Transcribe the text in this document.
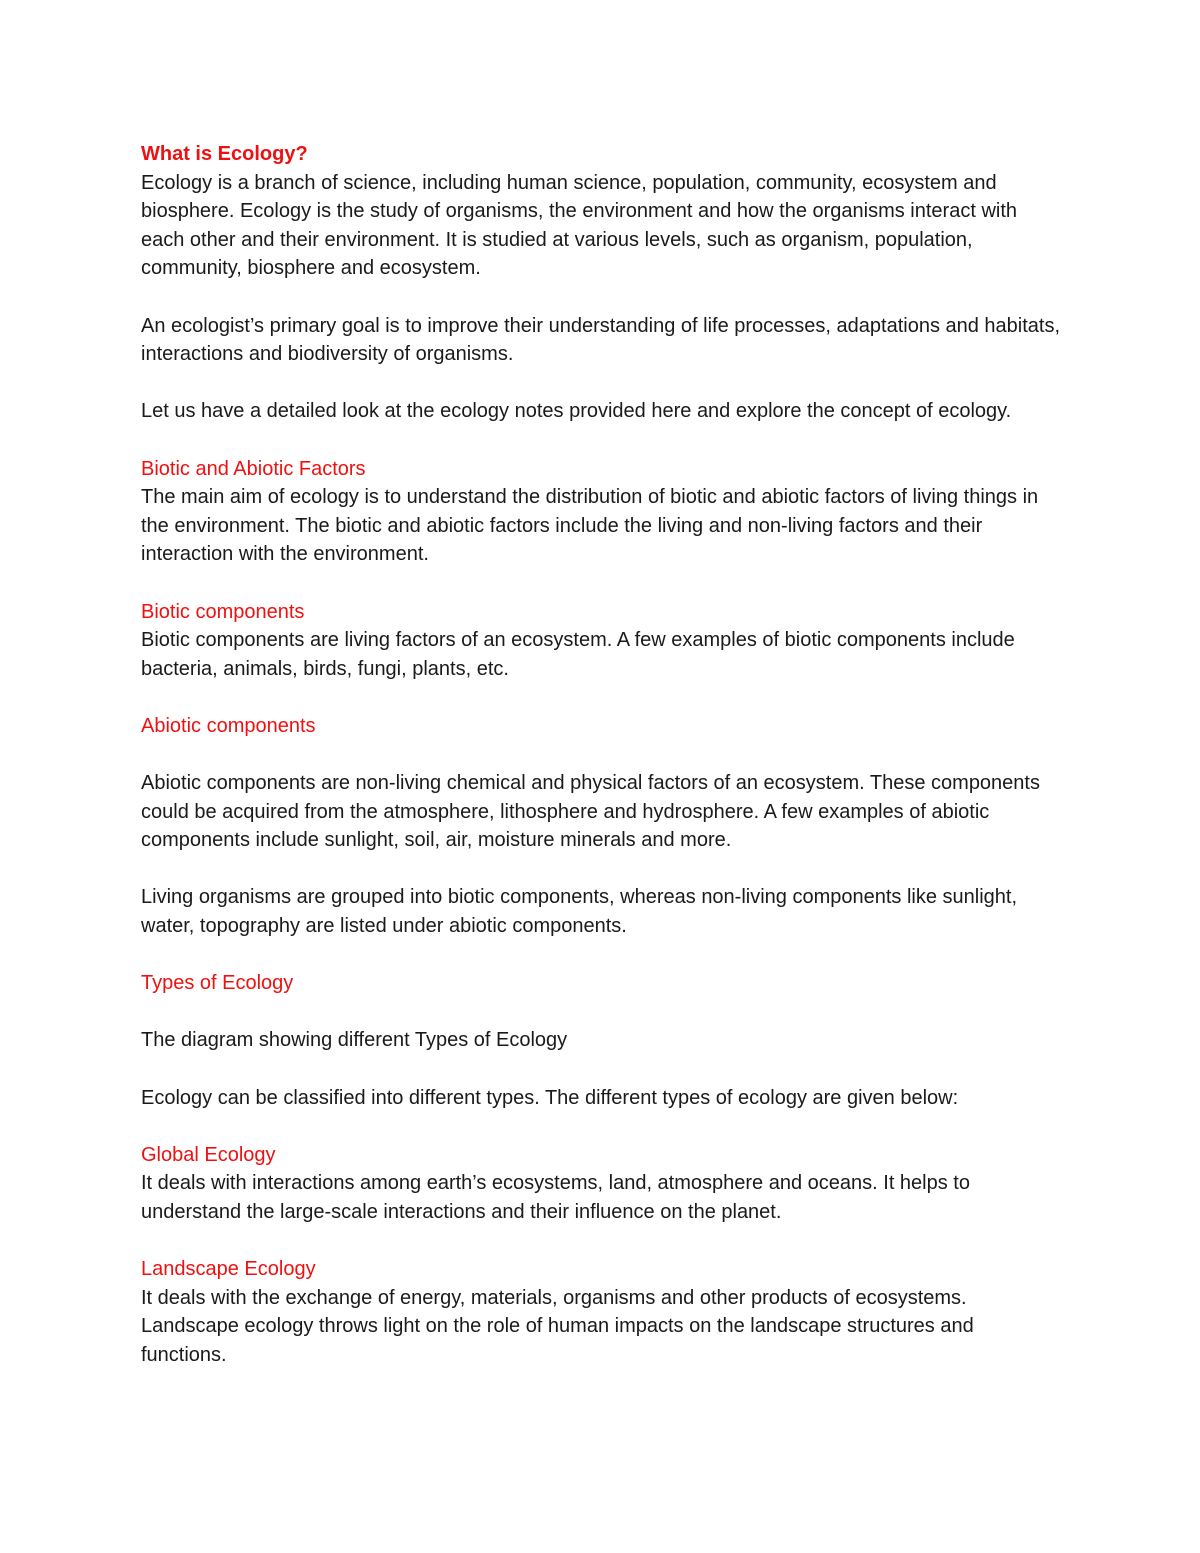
What is Ecology?

Ecology is a branch of science, including human science, population, community, ecosystem and biosphere. Ecology is the study of organisms, the environment and how the organisms interact with each other and their environment. It is studied at various levels, such as organism, population, community, biosphere and ecosystem.

An ecologist’s primary goal is to improve their understanding of life processes, adaptations and habitats, interactions and biodiversity of organisms.

Let us have a detailed look at the ecology notes provided here and explore the concept of ecology.

Biotic and Abiotic Factors

The main aim of ecology is to understand the distribution of biotic and abiotic factors of living things in the environment. The biotic and abiotic factors include the living and non-living factors and their interaction with the environment.

Biotic components

Biotic components are living factors of an ecosystem. A few examples of biotic components include bacteria, animals, birds, fungi, plants, etc.

Abiotic components

Abiotic components are non-living chemical and physical factors of an ecosystem. These components could be acquired from the atmosphere, lithosphere and hydrosphere. A few examples of abiotic components include sunlight, soil, air, moisture minerals and more.

Living organisms are grouped into biotic components, whereas non-living components like sunlight, water, topography are listed under abiotic components.

Types of Ecology

The diagram showing different Types of Ecology

Ecology can be classified into different types. The different types of ecology are given below:

Global Ecology

It deals with interactions among earth’s ecosystems, land, atmosphere and oceans. It helps to understand the large-scale interactions and their influence on the planet.

Landscape Ecology

It deals with the exchange of energy, materials, organisms and other products of ecosystems. Landscape ecology throws light on the role of human impacts on the landscape structures and functions.
